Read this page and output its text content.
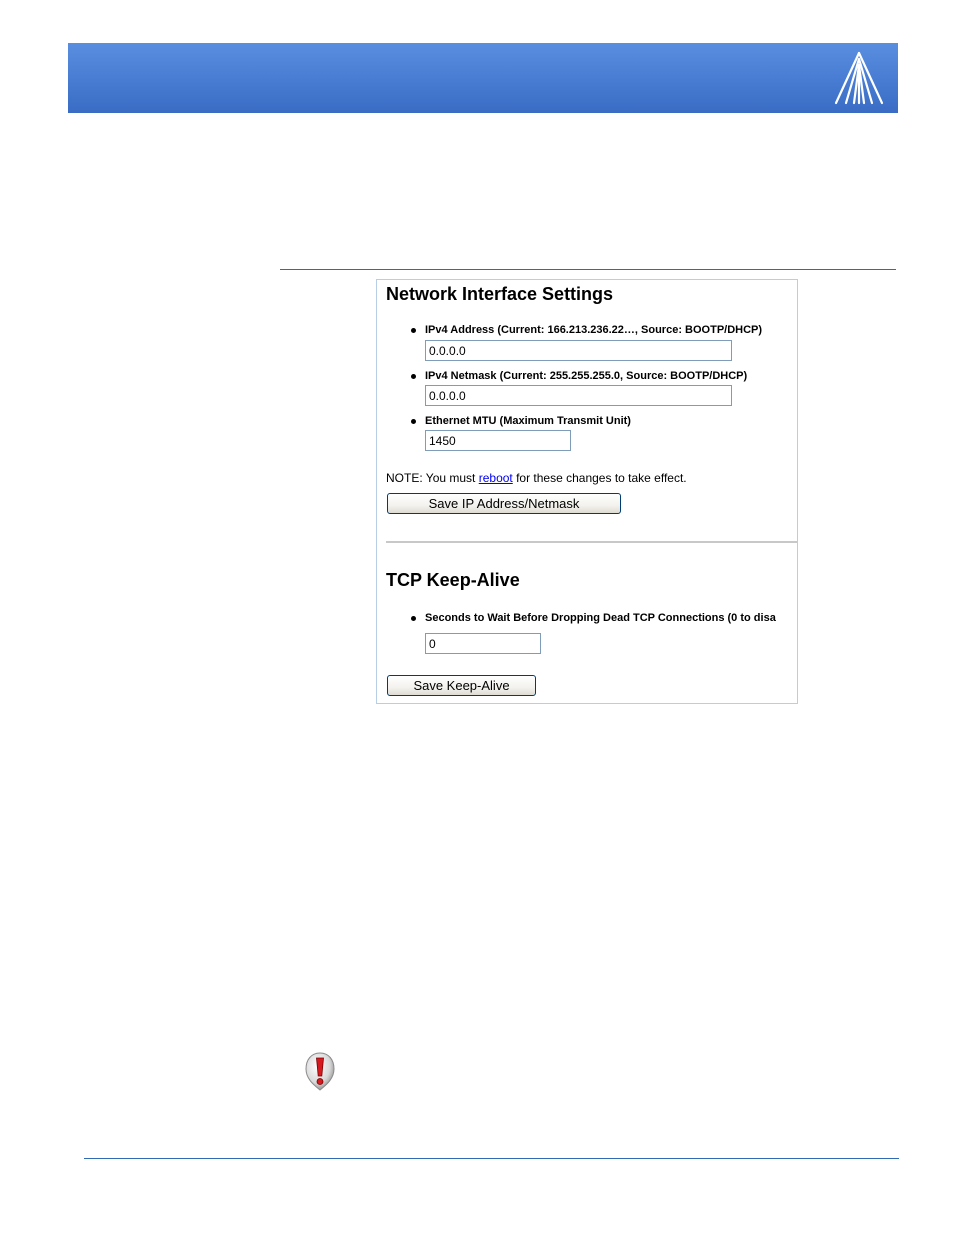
Network Interface Settings
IPv4 Address (Current: 166.213.236.22…, Source: BOOTP/DHCP)
0.0.0.0
IPv4 Netmask (Current: 255.255.255.0, Source: BOOTP/DHCP)
0.0.0.0
Ethernet MTU (Maximum Transmit Unit)
1450
NOTE: You must reboot for these changes to take effect.
Save IP Address/Netmask
TCP Keep-Alive
Seconds to Wait Before Dropping Dead TCP Connections (0 to disa
0
Save Keep-Alive
